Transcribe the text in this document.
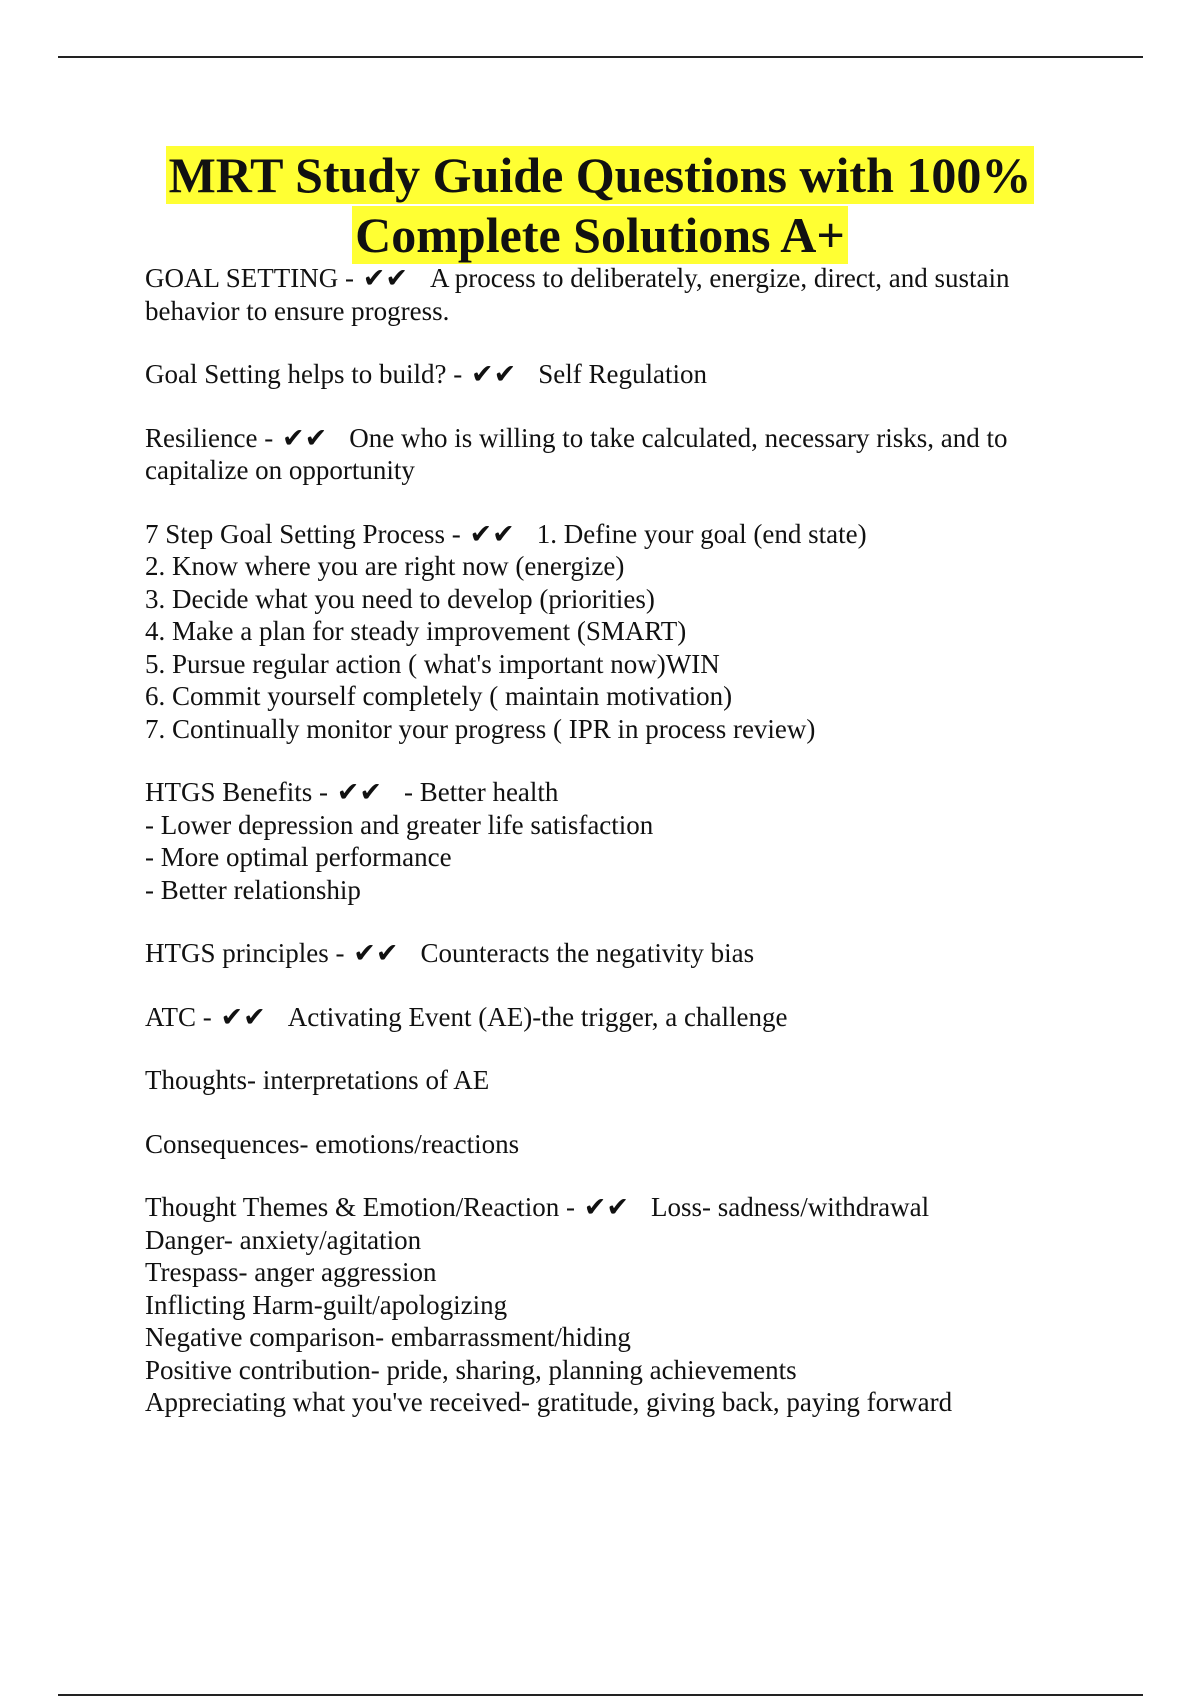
MRT Study Guide Questions with 100%
Complete Solutions A+
GOAL SETTING - ✔✔ A process to deliberately, energize, direct, and sustain behavior to ensure progress.
Goal Setting helps to build? - ✔✔ Self Regulation
Resilience - ✔✔ One who is willing to take calculated, necessary risks, and to capitalize on opportunity
7 Step Goal Setting Process - ✔✔ 1. Define your goal (end state)
2. Know where you are right now (energize)
3. Decide what you need to develop (priorities)
4. Make a plan for steady improvement (SMART)
5. Pursue regular action ( what's important now)WIN
6. Commit yourself completely ( maintain motivation)
7. Continually monitor your progress ( IPR in process review)
HTGS Benefits - ✔✔ - Better health
- Lower depression and greater life satisfaction
- More optimal performance
- Better relationship
HTGS principles - ✔✔ Counteracts the negativity bias
ATC - ✔✔ Activating Event (AE)-the trigger, a challenge
Thoughts- interpretations of AE
Consequences- emotions/reactions
Thought Themes & Emotion/Reaction - ✔✔ Loss- sadness/withdrawal
Danger- anxiety/agitation
Trespass- anger aggression
Inflicting Harm-guilt/apologizing
Negative comparison- embarrassment/hiding
Positive contribution- pride, sharing, planning achievements
Appreciating what you've received- gratitude, giving back, paying forward
